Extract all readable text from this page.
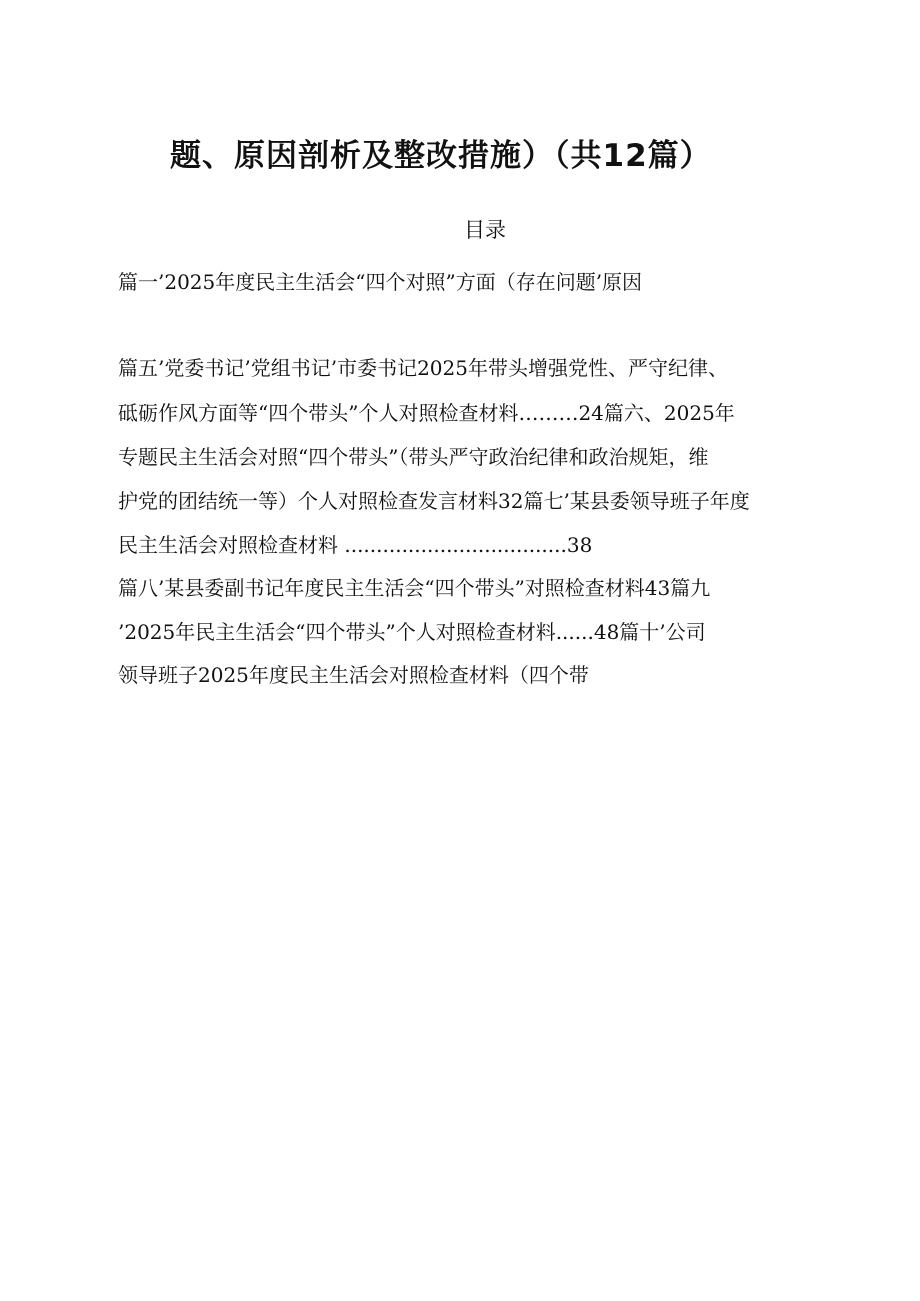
题、原因剖析及整改措施）（共12篇）
目录
篇一’2025年度民主生活会“四个对照”方面（存在问题’原因
篇五’党委书记’党组书记’市委书记2025年带头增强党性、严守纪律、
砥砺作风方面等“四个带头”个人对照检查材料………24篇六、2025年
专题民主生活会对照“四个带头”（带头严守政治纪律和政治规矩，维
护党的团结统一等）个人对照检查发言材料32篇七’某县委领导班子年度
民主生活会对照检查材料 ...................................38
篇八’某县委副书记年度民主生活会“四个带头”对照检查材料43篇九
’2025年民主生活会“四个带头”个人对照检查材料......48篇十’公司
领导班子2025年度民主生活会对照检查材料（四个带
